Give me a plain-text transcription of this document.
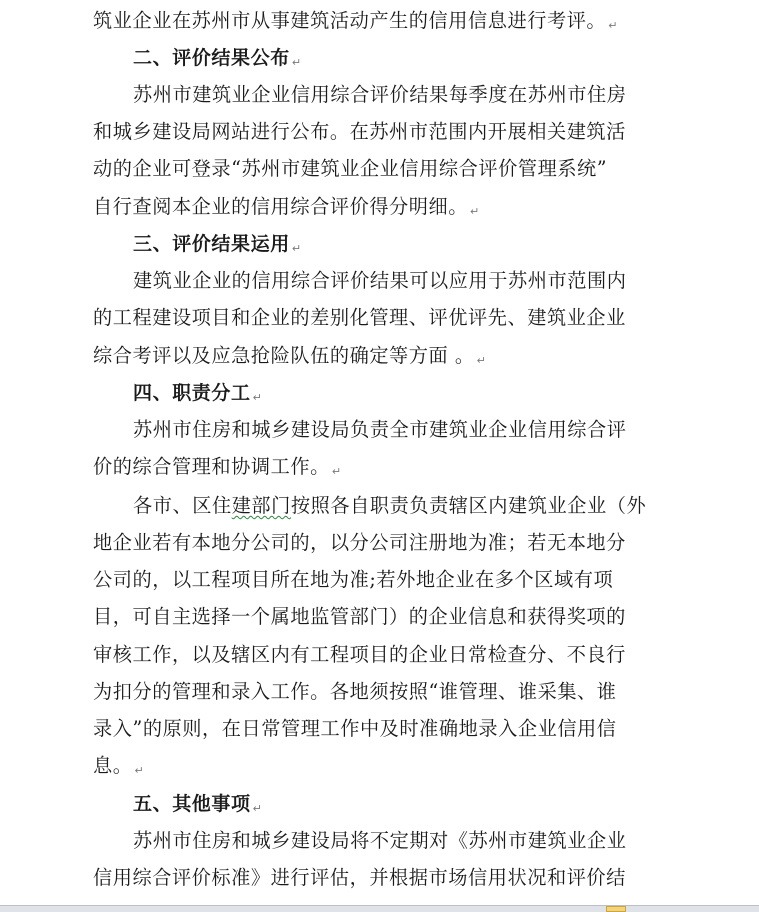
筑业企业在苏州市从事建筑活动产生的信用信息进行考评。 ↵
二、评价结果公布 ↵
苏州市建筑业企业信用综合评价结果每季度在苏州市住房
和城乡建设局网站进行公布。在苏州市范围内开展相关建筑活
动的企业可登录“苏州市建筑业企业信用综合评价管理系统”
自行查阅本企业的信用综合评价得分明细。 ↵
三、评价结果运用 ↵
建筑业企业的信用综合评价结果可以应用于苏州市范围内
的工程建设项目和企业的差别化管理、评优评先、建筑业企业
综合考评以及应急抢险队伍的确定等方面 。 ↵
四、职责分工 ↵
苏州市住房和城乡建设局负责全市建筑业企业信用综合评
价的综合管理和协调工作。 ↵
各市、区住建部门按照各自职责负责辖区内建筑业企业（外
地企业若有本地分公司的，以分公司注册地为准；若无本地分
公司的，以工程项目所在地为准;若外地企业在多个区域有项
目，可自主选择一个属地监管部门）的企业信息和获得奖项的
审核工作，以及辖区内有工程项目的企业日常检查分、不良行
为扣分的管理和录入工作。各地须按照“谁管理、谁采集、谁
录入”的原则，在日常管理工作中及时准确地录入企业信用信
息。 ↵
五、其他事项 ↵
苏州市住房和城乡建设局将不定期对《苏州市建筑业企业
信用综合评价标准》进行评估，并根据市场信用状况和评价结
